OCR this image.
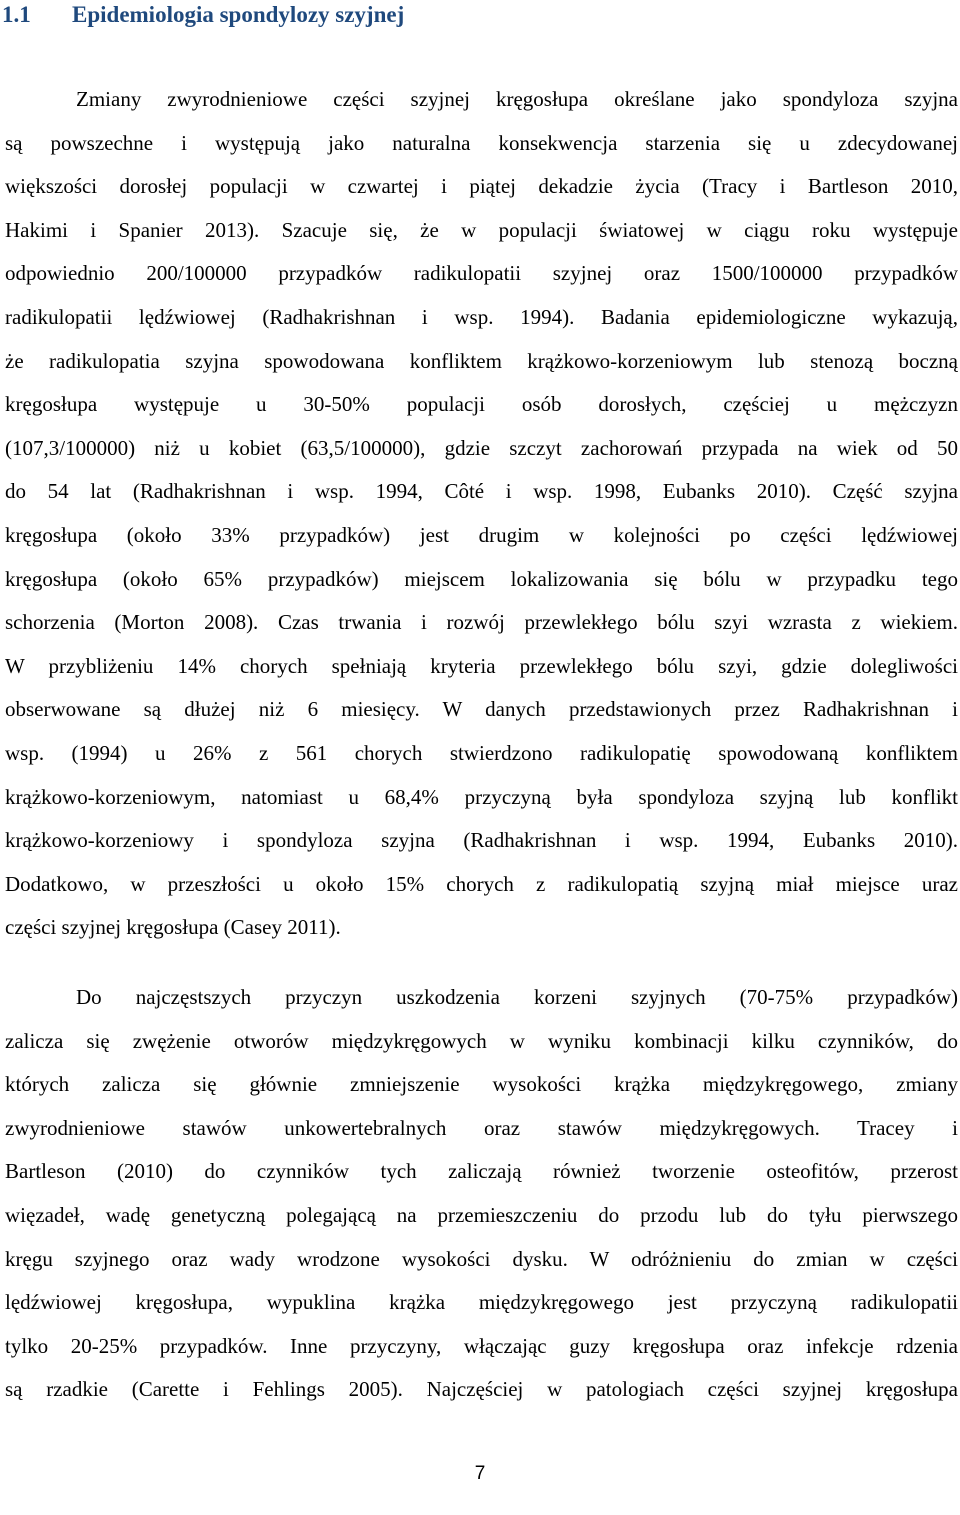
1.1 Epidemiologia spondylozy szyjnej
Zmiany zwyrodnieniowe części szyjnej kręgosłupa określane jako spondyloza szyjna
są powszechne i występują jako naturalna konsekwencja starzenia się u zdecydowanej
większości dorosłej populacji w czwartej i piątej dekadzie życia (Tracy i Bartleson 2010,
Hakimi i Spanier 2013). Szacuje się, że w populacji światowej w ciągu roku występuje
odpowiednio 200/100000 przypadków radikulopatii szyjnej oraz 1500/100000 przypadków
radikulopatii lędźwiowej (Radhakrishnan i wsp. 1994). Badania epidemiologiczne wykazują,
że radikulopatia szyjna spowodowana konfliktem krążkowo-korzeniowym lub stenozą boczną
kręgosłupa występuje u 30-50% populacji osób dorosłych, częściej u mężczyzn
(107,3/100000) niż u kobiet (63,5/100000), gdzie szczyt zachorowań przypada na wiek od 50
do 54 lat (Radhakrishnan i wsp. 1994, Côté i wsp. 1998, Eubanks 2010). Część szyjna
kręgosłupa (około 33% przypadków) jest drugim w kolejności po części lędźwiowej
kręgosłupa (około 65% przypadków) miejscem lokalizowania się bólu w przypadku tego
schorzenia (Morton 2008). Czas trwania i rozwój przewlekłego bólu szyi wzrasta z wiekiem.
W przybliżeniu 14% chorych spełniają kryteria przewlekłego bólu szyi, gdzie dolegliwości
obserwowane są dłużej niż 6 miesięcy. W danych przedstawionych przez Radhakrishnan i
wsp. (1994) u 26% z 561 chorych stwierdzono radikulopatię spowodowaną konfliktem
krążkowo-korzeniowym, natomiast u 68,4% przyczyną była spondyloza szyjną lub konflikt
krążkowo-korzeniowy i spondyloza szyjna (Radhakrishnan i wsp. 1994, Eubanks 2010).
Dodatkowo, w przeszłości u około 15% chorych z radikulopatią szyjną miał miejsce uraz
części szyjnej kręgosłupa (Casey 2011).
Do najczęstszych przyczyn uszkodzenia korzeni szyjnych (70-75% przypadków)
zalicza się zwężenie otworów międzykręgowych w wyniku kombinacji kilku czynników, do
których zalicza się głównie zmniejszenie wysokości krążka międzykręgowego, zmiany
zwyrodnieniowe stawów unkowertebralnych oraz stawów międzykręgowych. Tracey i
Bartleson (2010) do czynników tych zaliczają również tworzenie osteofitów, przerost
więzadeł, wadę genetyczną polegającą na przemieszczeniu do przodu lub do tyłu pierwszego
kręgu szyjnego oraz wady wrodzone wysokości dysku. W odróżnieniu do zmian w części
lędźwiowej kręgosłupa, wypuklina krążka międzykręgowego jest przyczyną radikulopatii
tylko 20-25% przypadków. Inne przyczyny, włączając guzy kręgosłupa oraz infekcje rdzenia
są rzadkie (Carette i Fehlings 2005). Najczęściej w patologiach części szyjnej kręgosłupa
7
